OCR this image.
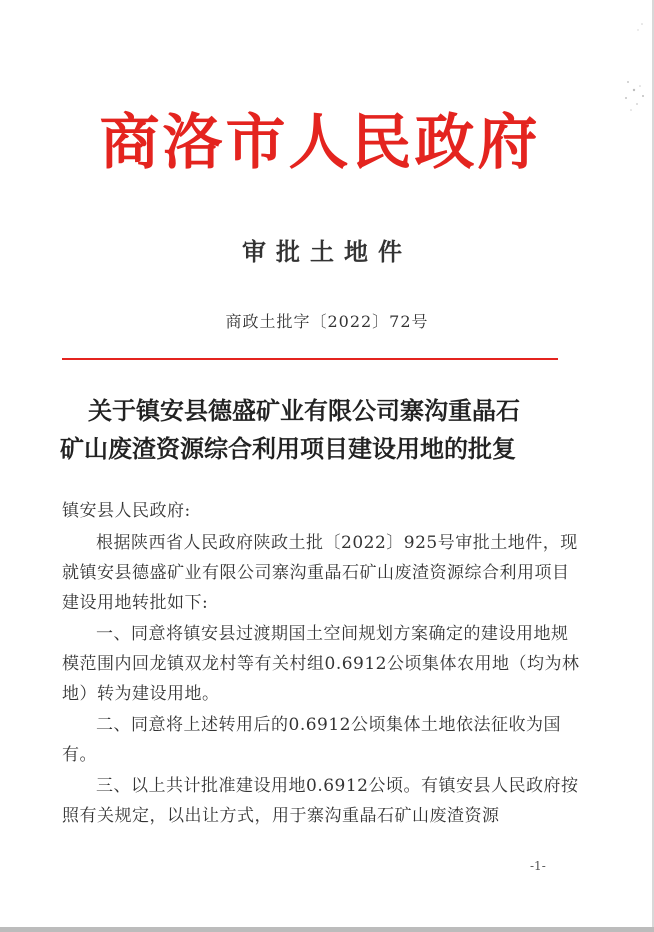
商洛市人民政府
审批土地件
商政土批字〔2022〕72号
关于镇安县德盛矿业有限公司寨沟重晶石
矿山废渣资源综合利用项目建设用地的批复

镇安县人民政府:

根据陕西省人民政府陕政土批〔2022〕925号审批土地件，现就镇安县德盛矿业有限公司寨沟重晶石矿山废渣资源综合利用项目建设用地转批如下:

一、同意将镇安县过渡期国土空间规划方案确定的建设用地规模范围内回龙镇双龙村等有关村组0.6912公顷集体农用地（均为林地）转为建设用地。

二、同意将上述转用后的0.6912公顷集体土地依法征收为国有。

三、以上共计批准建设用地0.6912公顷。有镇安县人民政府按照有关规定，以出让方式，用于寨沟重晶石矿山废渣资源

-1-
